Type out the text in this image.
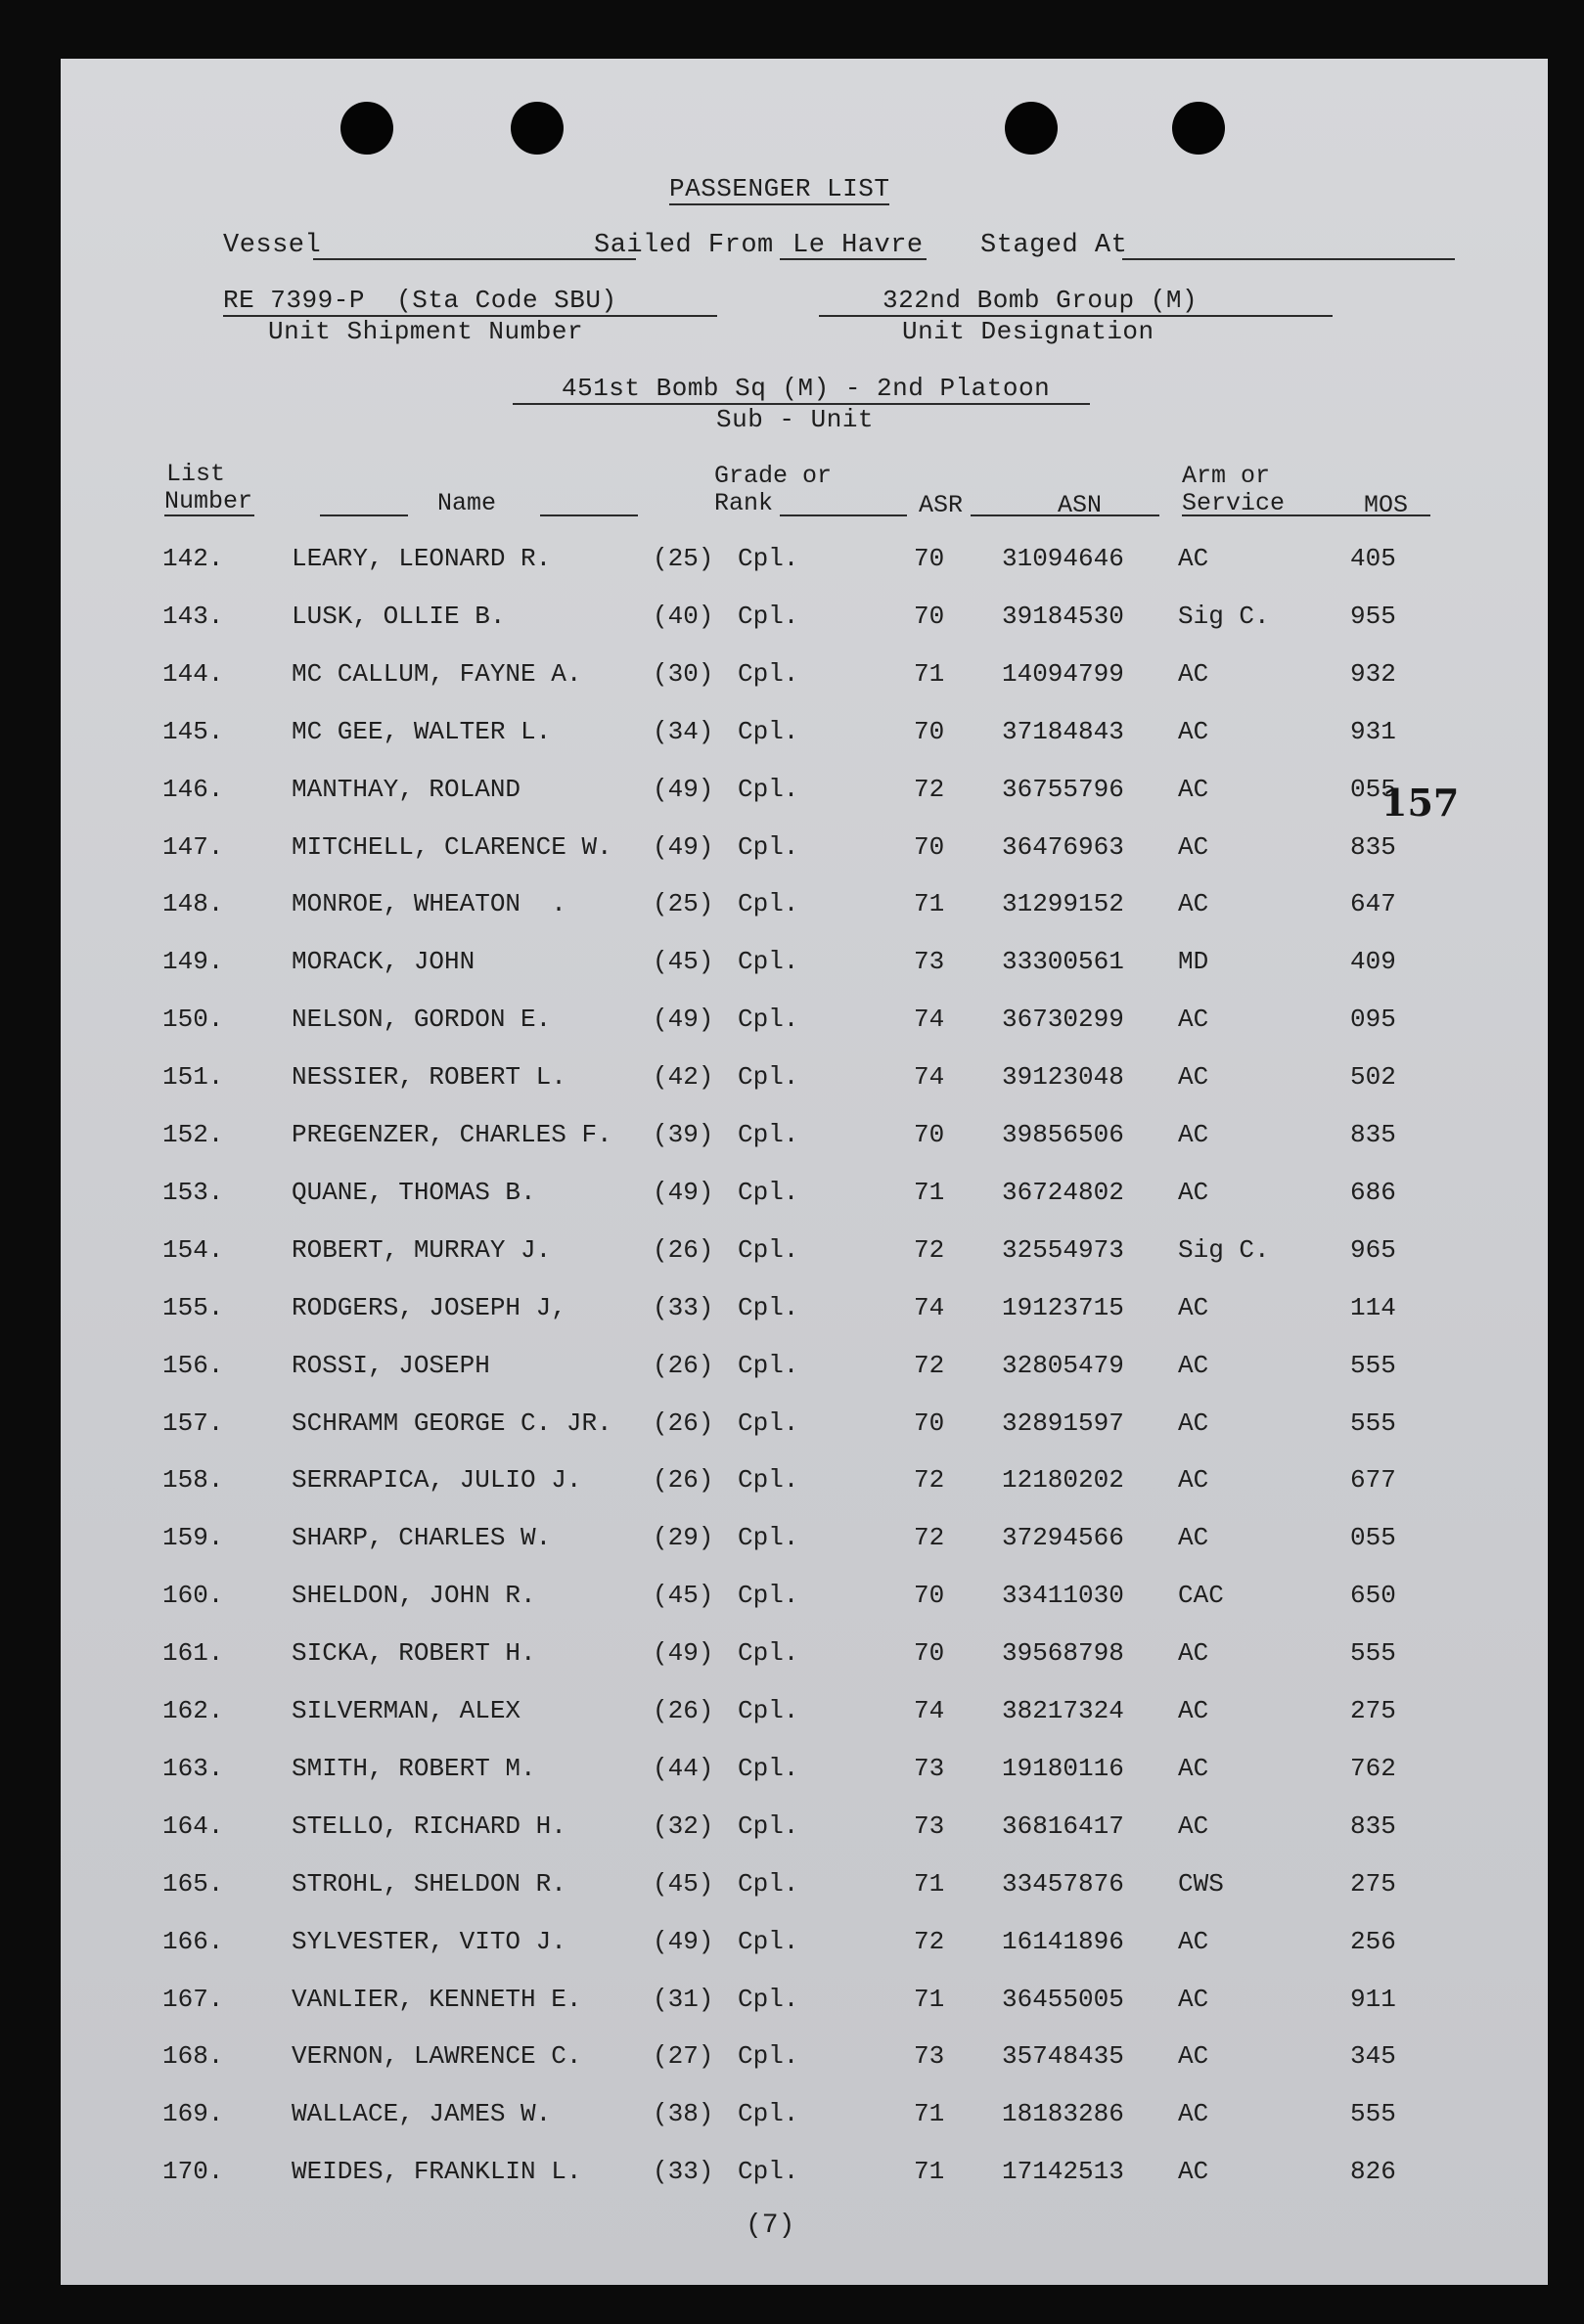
PASSENGER LIST
Vessel	Sailed From Le Havre Staged At
RE 7399-P  (Sta Code SBU)
Unit Shipment Number
322nd Bomb Group (M)
Unit Designation
451st Bomb Sq (M) - 2nd Platoon
Sub - Unit
List
Number	Name
Grade or
Rank	ASR	ASN
Arm or
Service	MOS
142.	LEARY, LEONARD R.	(25) Cpl.	70 31094646 AC	405
143.	LUSK, OLLIE B.	(40) Cpl.	70 39184530 Sig C.	955
144.	MC CALLUM, FAYNE A.	(30) Cpl.	71 14094799 AC	932
145.	MC GEE, WALTER L.	(34) Cpl.	70 37184843 AC	931
146.	MANTHAY, ROLAND	(49) Cpl.	72 36755796 AC	055
147.	MITCHELL, CLARENCE W. (49) Cpl.	70 36476963 AC	835
148.	MONROE, WHEATON  .	(25) Cpl.	71 31299152 AC	647
149.	MORACK, JOHN	(45) Cpl.	73 33300561 MD	409
150.	NELSON, GORDON E.	(49) Cpl.	74 36730299 AC	095
151.	NESSIER, ROBERT L.	(42) Cpl.	74 39123048 AC	502
152.	PREGENZER, CHARLES F. (39) Cpl.	70 39856506 AC	835
153.	QUANE, THOMAS B.	(49) Cpl.	71 36724802 AC	686
154.	ROBERT, MURRAY J.	(26) Cpl.	72 32554973 Sig C.	965
155.	RODGERS, JOSEPH J,	(33) Cpl.	74 19123715 AC	114
156.	ROSSI, JOSEPH	(26) Cpl.	72 32805479 AC	555
157.	SCHRAMM GEORGE C. JR. (26) Cpl.	70 32891597 AC	555
158.	SERRAPICA, JULIO J.	(26) Cpl.	72 12180202 AC	677
159.	SHARP, CHARLES W.	(29) Cpl.	72 37294566 AC	055
160.	SHELDON, JOHN R.	(45) Cpl.	70 33411030 CAC	650
161.	SICKA, ROBERT H.	(49) Cpl.	70 39568798 AC	555
162.	SILVERMAN, ALEX	(26) Cpl.	74 38217324 AC	275
163.	SMITH, ROBERT M.	(44) Cpl.	73 19180116 AC	762
164.	STELLO, RICHARD H.	(32) Cpl.	73 36816417 AC	835
165.	STROHL, SHELDON R.	(45) Cpl.	71 33457876 CWS	275
166.	SYLVESTER, VITO J.	(49) Cpl.	72 16141896 AC	256
167.	VANLIER, KENNETH E.	(31) Cpl.	71 36455005 AC	911
168.	VERNON, LAWRENCE C.	(27) Cpl.	73 35748435 AC	345
169.	WALLACE, JAMES W.	(38) Cpl.	71 18183286 AC	555
170.	WEIDES, FRANKLIN L.	(33) Cpl.	71 17142513 AC	826
157
(7)
